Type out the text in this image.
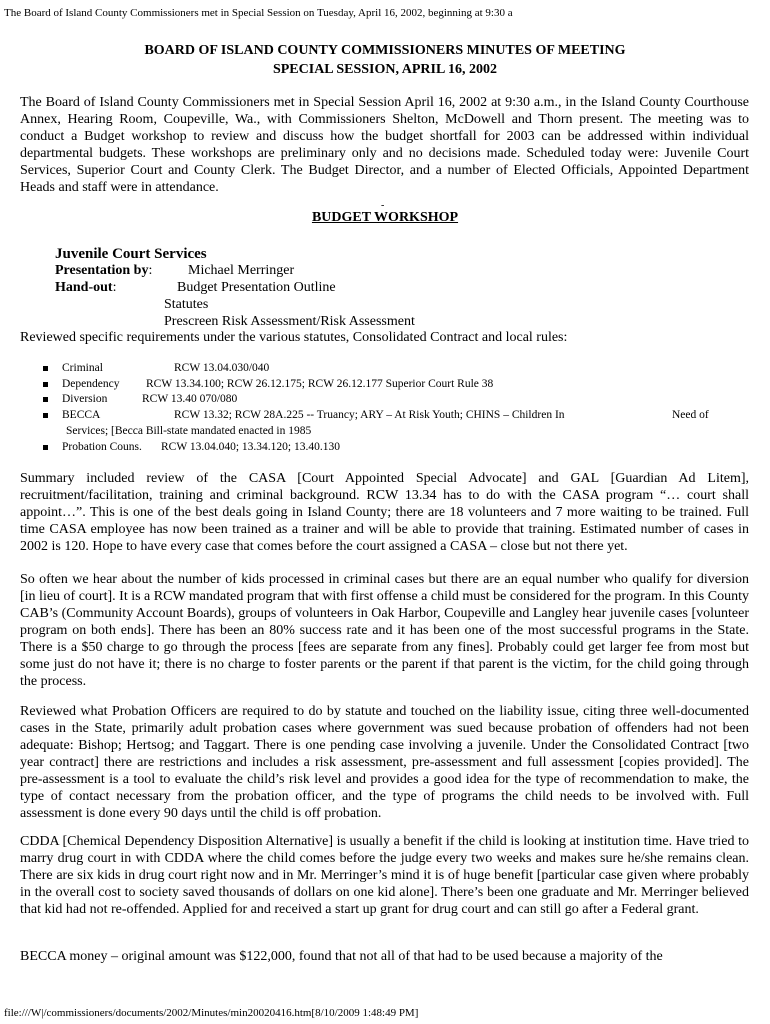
The Board of Island County Commissioners met in Special Session on Tuesday, April 16, 2002, beginning at 9:30 a
BOARD OF ISLAND COUNTY COMMISSIONERS MINUTES OF MEETING
SPECIAL SESSION, APRIL 16, 2002

The Board of Island County Commissioners met in Special Session April 16, 2002 at 9:30 a.m., in the Island County Courthouse Annex, Hearing Room, Coupeville, Wa., with Commissioners Shelton, McDowell and Thorn present. The meeting was to conduct a Budget workshop to review and discuss how the budget shortfall for 2003 can be addressed within individual departmental budgets. These workshops are preliminary only and no decisions made. Scheduled today were: Juvenile Court Services, Superior Court and County Clerk. The Budget Director, and a number of Elected Officials, Appointed Department Heads and staff were in attendance.

-
BUDGET WORKSHOP
Juvenile Court Services
Presentation by:	Michael Merringer
Hand-out:	Budget Presentation Outline
Statutes
Prescreen Risk Assessment/Risk Assessment
Reviewed specific requirements under the various statutes, Consolidated Contract and local rules:
Criminal	RCW 13.04.030/040
Dependency RCW 13.34.100; RCW 26.12.175; RCW 26.12.177 Superior Court Rule 38
Diversion	RCW 13.40 070/080
BECCA	RCW 13.32; RCW 28A.225 -- Truancy; ARY – At Risk Youth; CHINS – Children In	Need of
Services; [Becca Bill-state mandated enacted in 1985
Probation Couns. RCW 13.04.040; 13.34.120; 13.40.130

Summary included review of the CASA [Court Appointed Special Advocate] and GAL [Guardian Ad Litem], recruitment/facilitation, training and criminal background. RCW 13.34 has to do with the CASA program “… court shall appoint…”. This is one of the best deals going in Island County; there are 18 volunteers and 7 more waiting to be trained. Full time CASA employee has now been trained as a trainer and will be able to provide that training. Estimated number of cases in 2002 is 120. Hope to have every case that comes before the court assigned a CASA – close but not there yet.

So often we hear about the number of kids processed in criminal cases but there are an equal number who qualify for diversion [in lieu of court]. It is a RCW mandated program that with first offense a child must be considered for the program. In this County CAB’s (Community Account Boards), groups of volunteers in Oak Harbor, Coupeville and Langley hear juvenile cases [volunteer program on both ends]. There has been an 80% success rate and it has been one of the most successful programs in the State. There is a $50 charge to go through the process [fees are separate from any fines]. Probably could get larger fee from most but some just do not have it; there is no charge to foster parents or the parent if that parent is the victim, for the child going through the process.

Reviewed what Probation Officers are required to do by statute and touched on the liability issue, citing three well-documented cases in the State, primarily adult probation cases where government was sued because probation of offenders had not been adequate: Bishop; Hertsog; and Taggart. There is one pending case involving a juvenile. Under the Consolidated Contract [two year contract] there are restrictions and includes a risk assessment, pre-assessment and full assessment [copies provided]. The pre-assessment is a tool to evaluate the child’s risk level and provides a good idea for the type of recommendation to make, the type of contact necessary from the probation officer, and the type of programs the child needs to be involved with. Full assessment is done every 90 days until the child is off probation.

CDDA [Chemical Dependency Disposition Alternative] is usually a benefit if the child is looking at institution time. Have tried to marry drug court in with CDDA where the child comes before the judge every two weeks and makes sure he/she remains clean. There are six kids in drug court right now and in Mr. Merringer’s mind it is of huge benefit [particular case given where probably in the overall cost to society saved thousands of dollars on one kid alone]. There’s been one graduate and Mr. Merringer believed that kid had not re-offended. Applied for and received a start up grant for drug court and can still go after a Federal grant.

BECCA money – original amount was $122,000, found that not all of that had to be used because a majority of the

file:///W|/commissioners/documents/2002/Minutes/min20020416.htm[8/10/2009 1:48:49 PM]
